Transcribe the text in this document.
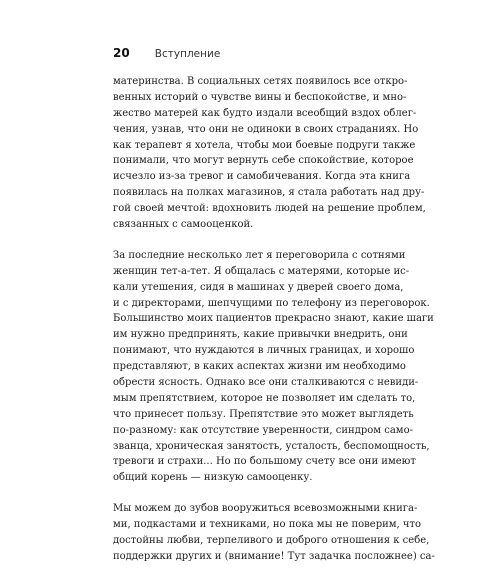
20 Вступление

материнства. В социальных сетях появилось все откро-
венных историй о чувстве вины и беспокойстве, и мно-
жество матерей как будто издали всеобщий вздох облег-
чения, узнав, что они не одиноки в своих страданиях. Но
как терапевт я хотела, чтобы мои боевые подруги также
понимали, что могут вернуть себе спокойствие, которое
исчезло из-за тревог и самобичевания. Когда эта книга
появилась на полках магазинов, я стала работать над дру-
гой своей мечтой: вдохновить людей на решение проблем,
связанных с самооценкой.

За последние несколько лет я переговорила с сотнями
женщин тет-а-тет. Я общалась с матерями, которые ис-
кали утешения, сидя в машинах у дверей своего дома,
и с директорами, шепчущими по телефону из переговорок.
Большинство моих пациентов прекрасно знают, какие шаги
им нужно предпринять, какие привычки внедрить, они
понимают, что нуждаются в личных границах, и хорошо
представляют, в каких аспектах жизни им необходимо
обрести ясность. Однако все они сталкиваются с невиди-
мым препятствием, которое не позволяет им сделать то,
что принесет пользу. Препятствие это может выглядеть
по-разному: как отсутствие уверенности, синдром само-
званца, хроническая занятость, усталость, беспомощность,
тревоги и страхи... Но по большому счету все они имеют
общий корень — низкую самооценку.

Мы можем до зубов вооружиться всевозможными книга-
ми, подкастами и техниками, но пока мы не поверим, что
достойны любви, терпеливого и доброго отношения к себе,
поддержки других и (внимание! Тут задачка посложнее) са-
